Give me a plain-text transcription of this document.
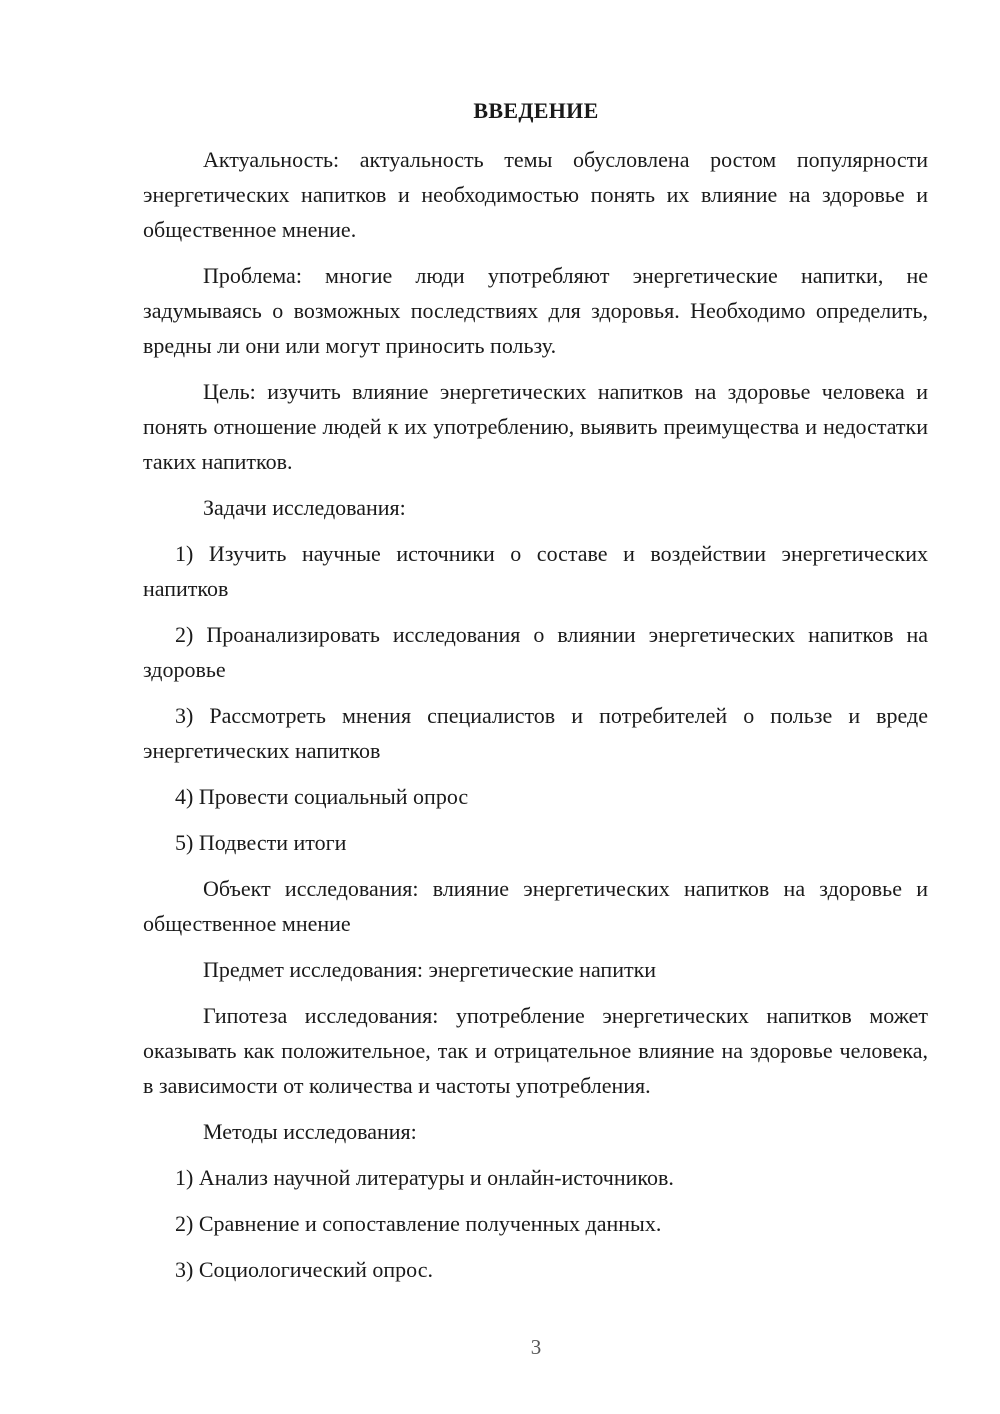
ВВЕДЕНИЕ

Актуальность: актуальность темы обусловлена ростом популярности энергетических напитков и необходимостью понять их влияние на здоровье и общественное мнение.

Проблема: многие люди употребляют энергетические напитки, не задумываясь о возможных последствиях для здоровья. Необходимо определить, вредны ли они или могут приносить пользу.

Цель: изучить влияние энергетических напитков на здоровье человека и понять отношение людей к их употреблению, выявить преимущества и недостатки таких напитков.

Задачи исследования:

1) Изучить научные источники о составе и воздействии энергетических напитков

2) Проанализировать исследования о влиянии энергетических напитков на здоровье

3) Рассмотреть мнения специалистов и потребителей о пользе и вреде энергетических напитков

4) Провести социальный опрос

5) Подвести итоги

Объект исследования: влияние энергетических напитков на здоровье и общественное мнение

Предмет исследования: энергетические напитки

Гипотеза исследования: употребление энергетических напитков может оказывать как положительное, так и отрицательное влияние на здоровье человека, в зависимости от количества и частоты употребления.

Методы исследования:

1) Анализ научной литературы и онлайн-источников.

2) Сравнение и сопоставление полученных данных.

3) Социологический опрос.

3
